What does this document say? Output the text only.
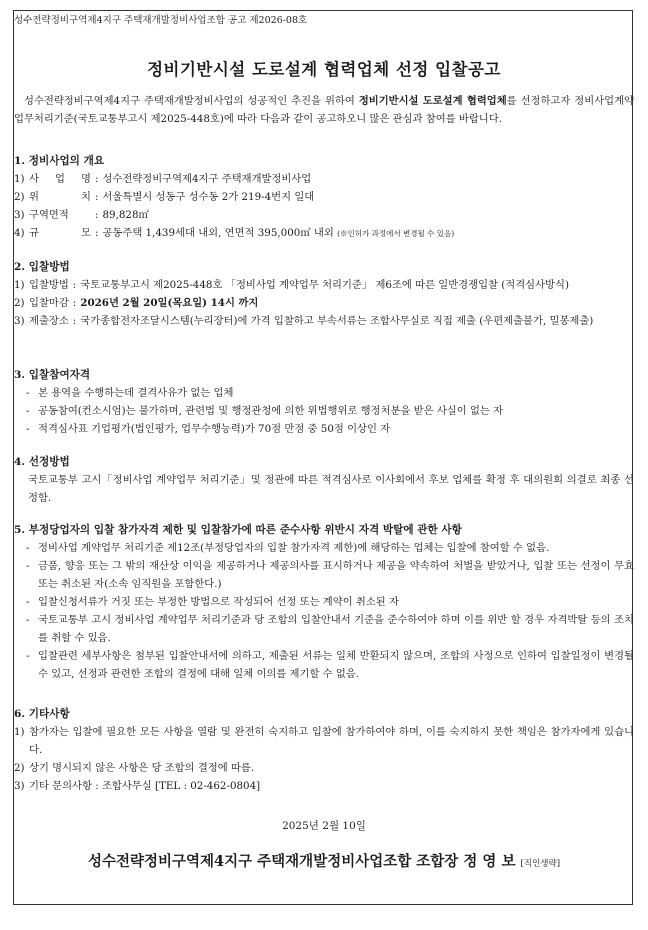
성수전략정비구역제4지구 주택재개발정비사업조합 공고 제2026-08호
정비기반시설 도로설계 협력업체 선정 입찰공고
성수전략정비구역제4지구 주택재개발정비사업의 성공적인 추진을 위하여 정비기반시설 도로설계 협력업체를 선정하고자 정비사업계약업무처리기준(국토교통부고시 제2025-448호)에 따라 다음과 같이 공고하오니 많은 관심과 참여를 바랍니다.
1. 정비사업의 개요
1) 사 업 명 : 성수전략정비구역제4지구 주택재개발정비사업
2) 위	치 : 서울특별시 성동구 성수동 2가 219-4번지 일대
3) 구역면적	: 89,828㎡
4) 규	모 : 공동주택 1,439세대 내외, 연면적 395,000㎡ 내외 (※인허가 과정에서 변경될 수 있음)
2. 입찰방법
1) 입찰방법 : 국토교통부고시 제2025-448호 「정비사업 계약업무 처리기준」 제6조에 따른 일반경쟁입찰 (적격심사방식)
2) 입찰마감 : 2026년 2월 20일(목요일) 14시 까지
3) 제출장소 : 국가종합전자조달시스템(누리장터)에 가격 입찰하고 부속서류는 조합사무실로 직접 제출 (우편제출불가, 밀봉제출)
3. 입찰참여자격
- 본 용역을 수행하는데 결격사유가 없는 업체
- 공동참여(컨소시엄)는 불가하며, 관련법 및 행정관청에 의한 위법행위로 행정처분을 받은 사실이 없는 자
- 적격심사표 기업평가(법인평가, 업무수행능력)가 70점 만점 중 50점 이상인 자
4. 선정방법
국토교통부 고시「정비사업 계약업무 처리기준」및 정관에 따른 적격심사로 이사회에서 후보 업체를 확정 후 대의원회 의결로 최종 선정함.
5. 부정당업자의 입찰 참가자격 제한 및 입찰참가에 따른 준수사항 위반시 자격 박탈에 관한 사항
- 정비사업 계약업무 처리기준 제12조(부정당업자의 입찰 참가자격 제한)에 해당하는 업체는 입찰에 참여할 수 없음.
- 금품, 향응 또는 그 밖의 재산상 이익을 제공하거나 제공의사를 표시하거나 제공을 약속하여 처벌을 받았거나, 입찰 또는 선정이 무효 또는 취소된 자(소속 임직원을 포함한다.)
- 입찰신청서류가 거짓 또는 부정한 방법으로 작성되어 선정 또는 계약이 취소된 자
- 국토교통부 고시 정비사업 계약업무 처리기준과 당 조합의 입찰안내서 기준을 준수하여야 하며 이를 위반 할 경우 자격박탈 등의 조치를 취할 수 있음.
- 입찰관련 세부사항은 첨부된 입찰안내서에 의하고, 제출된 서류는 일체 반환되지 않으며, 조합의 사정으로 인하여 입찰일정이 변경될 수 있고, 선정과 관련한 조합의 결정에 대해 일체 이의를 제기할 수 없음.
6. 기타사항
1) 참가자는 입찰에 필요한 모든 사항을 열람 및 완전히 숙지하고 입찰에 참가하여야 하며, 이를 숙지하지 못한 책임은 참가자에게 있습니다.
2) 상기 명시되지 않은 사항은 당 조합의 결정에 따름.
3) 기타 문의사항 : 조합사무실 [TEL : 02-462-0804]
2025년 2월 10일
성수전략정비구역제4지구 주택재개발정비사업조합 조합장 정 영 보 [직인생략]
